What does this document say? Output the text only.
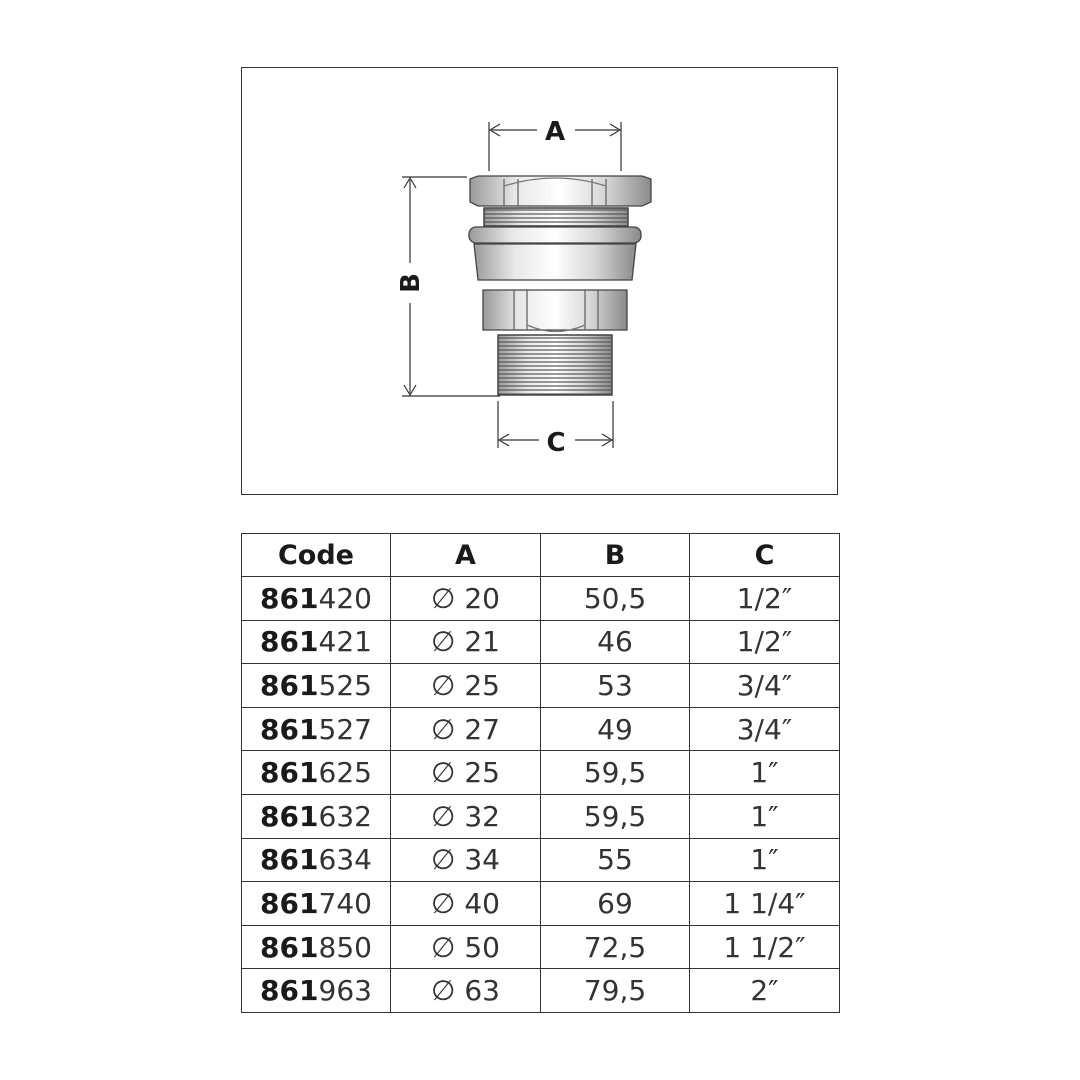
A
B
C
Code	A	B	C
861420	∅ 20	50,5	1/2″
861421	∅ 21	46	1/2″
861525	∅ 25	53	3/4″
861527	∅ 27	49	3/4″
861625	∅ 25	59,5	1″
861632	∅ 32	59,5	1″
861634	∅ 34	55	1″
861740	∅ 40	69	1 1/4″
861850	∅ 50	72,5	1 1/2″
861963	∅ 63	79,5	2″
